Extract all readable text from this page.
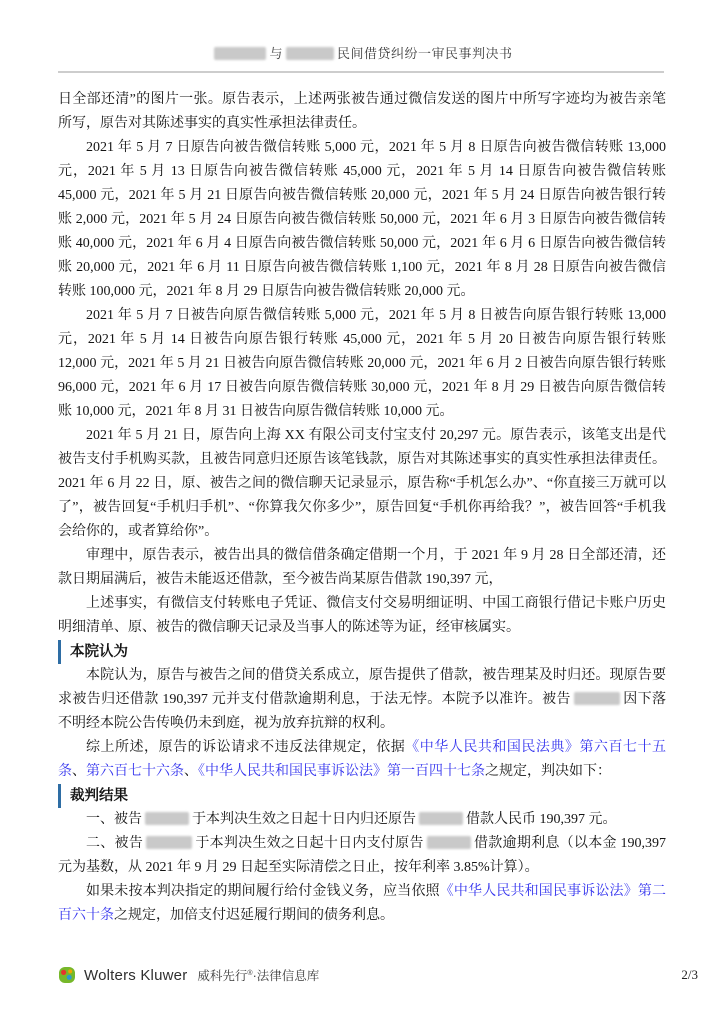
与	民间借贷纠纷一审民事判决书

日全部还清”的图片一张。原告表示，上述两张被告通过微信发送的图片中所写字迹均为被告亲笔所写，原告对其陈述事实的真实性承担法律责任。

2021 年 5 月 7 日原告向被告微信转账 5,000 元，2021 年 5 月 8 日原告向被告微信转账 13,000 元，2021 年 5 月 13 日原告向被告微信转账 45,000 元，2021 年 5 月 14 日原告向被告微信转账 45,000 元，2021 年 5 月 21 日原告向被告微信转账 20,000 元，2021 年 5 月 24 日原告向被告银行转账 2,000 元，2021 年 5 月 24 日原告向被告微信转账 50,000 元，2021 年 6 月 3 日原告向被告微信转账 40,000 元，2021 年 6 月 4 日原告向被告微信转账 50,000 元，2021 年 6 月 6 日原告向被告微信转账 20,000 元，2021 年 6 月 11 日原告向被告微信转账 1,100 元，2021 年 8 月 28 日原告向被告微信转账 100,000 元，2021 年 8 月 29 日原告向被告微信转账 20,000 元。

2021 年 5 月 7 日被告向原告微信转账 5,000 元，2021 年 5 月 8 日被告向原告银行转账 13,000 元，2021 年 5 月 14 日被告向原告银行转账 45,000 元，2021 年 5 月 20 日被告向原告银行转账 12,000 元，2021 年 5 月 21 日被告向原告微信转账 20,000 元，2021 年 6 月 2 日被告向原告银行转账 96,000 元，2021 年 6 月 17 日被告向原告微信转账 30,000 元，2021 年 8 月 29 日被告向原告微信转账 10,000 元，2021 年 8 月 31 日被告向原告微信转账 10,000 元。

2021 年 5 月 21 日，原告向上海 XX 有限公司支付宝支付 20,297 元。原告表示，该笔支出是代被告支付手机购买款，且被告同意归还原告该笔钱款，原告对其陈述事实的真实性承担法律责任。2021 年 6 月 22 日，原、被告之间的微信聊天记录显示，原告称“手机怎么办”、“你直接三万就可以了”，被告回复“手机归手机”、“你算我欠你多少”，原告回复“手机你再给我？”，被告回答“手机我会给你的，或者算给你”。

审理中，原告表示，被告出具的微信借条确定借期一个月，于 2021 年 9 月 28 日全部还清，还款日期届满后，被告未能返还借款，至今被告尚某原告借款 190,397 元，

上述事实，有微信支付转账电子凭证、微信支付交易明细证明、中国工商银行借记卡账户历史明细清单、原、被告的微信聊天记录及当事人的陈述等为证，经审核属实。

本院认为

本院认为，原告与被告之间的借贷关系成立，原告提供了借款，被告理某及时归还。现原告要求被告归还借款 190,397 元并支付借款逾期利息，于法无悖。本院予以准许。被告	因下落不明经本院公告传唤仍未到庭，视为放弃抗辩的权利。

综上所述，原告的诉讼请求不违反法律规定，依据《中华人民共和国民法典》第六百七十五条、第六百七十六条、《中华人民共和国民事诉讼法》第一百四十七条之规定，判决如下：

裁判结果

一、被告	于本判决生效之日起十日内归还原告	借款人民币 190,397 元。

二、被告	于本判决生效之日起十日内支付原告	借款逾期利息（以本金 190,397 元为基数，从 2021 年 9 月 29 日起至实际清偿之日止，按年利率 3.85%计算）。

如果未按本判决指定的期间履行给付金钱义务，应当依照《中华人民共和国民事诉讼法》第二百六十条之规定，加倍支付迟延履行期间的债务利息。

Wolters Kluwer 威科先行®·法律信息库	2/3
